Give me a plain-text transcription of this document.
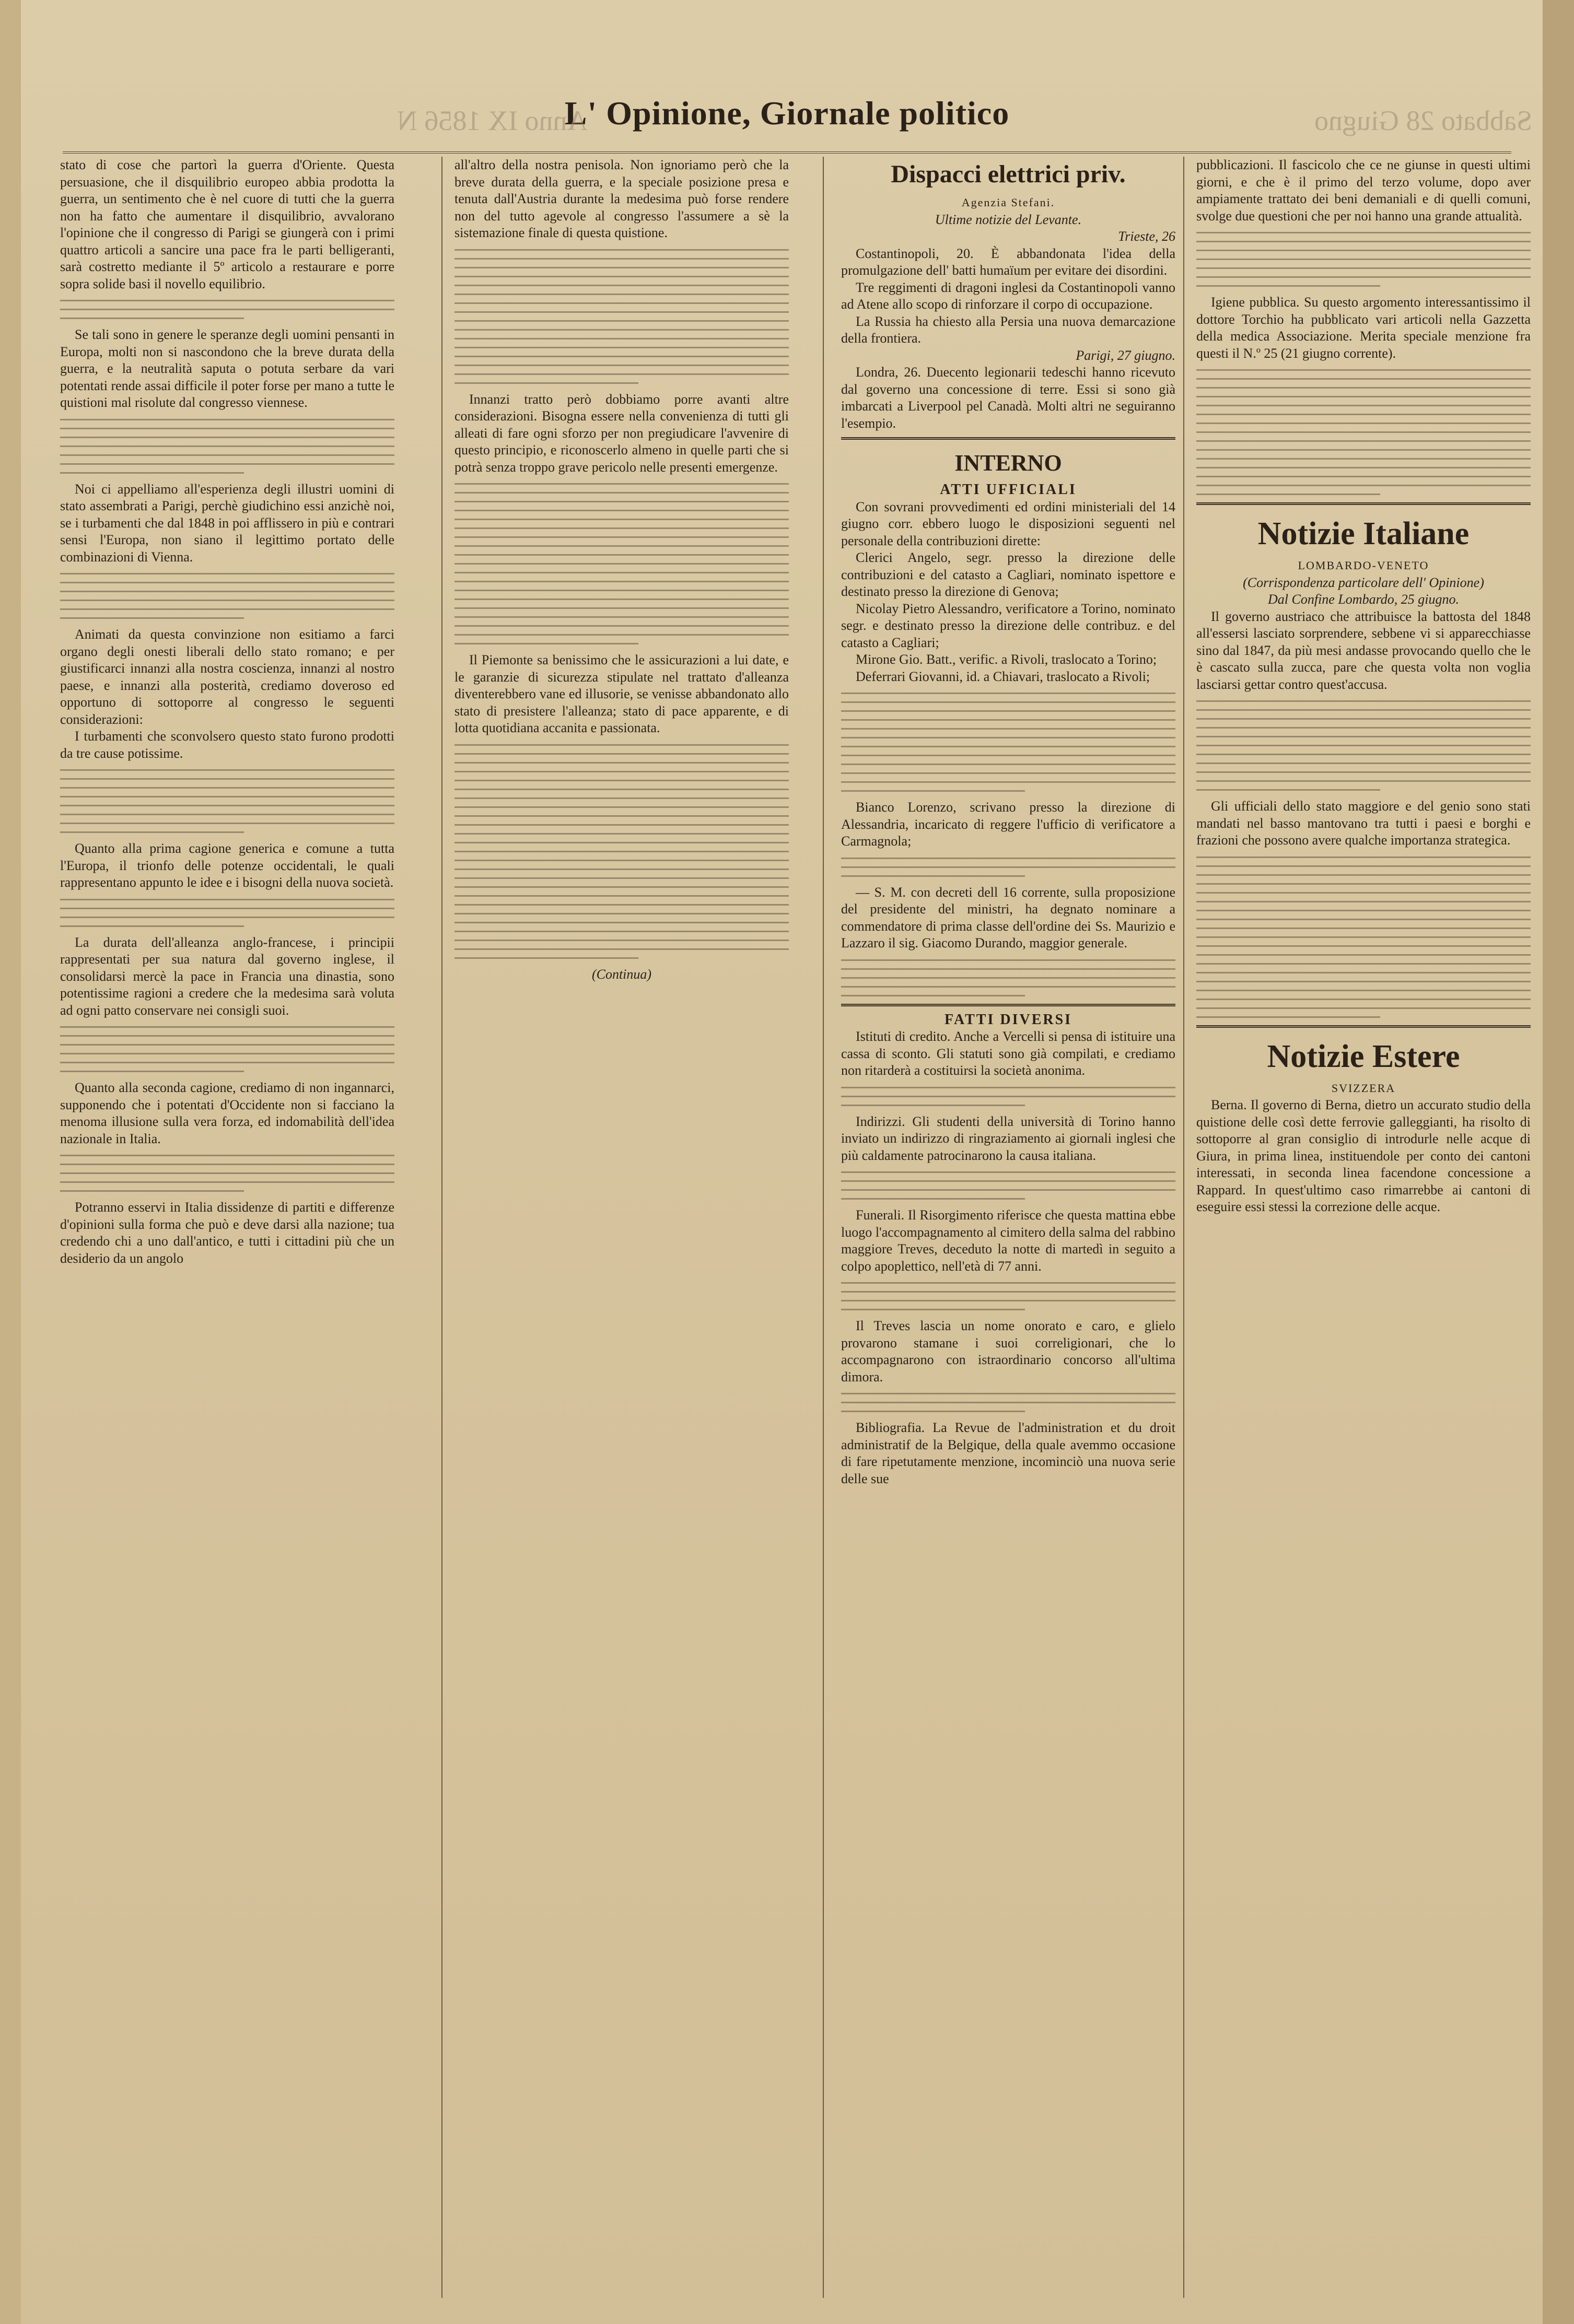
Anno IX 1856 N
L' Opinione, Giornale politico	Sabbato 28 Giugno

stato di cose che partorì la guerra d'Oriente. Questa persuasione, che il disquilibrio europeo abbia prodotta la guerra, un sentimento che è nel cuore di tutti che la guerra non ha fatto che aumentare il disquilibrio, avvalorano l'opinione che il congresso di Parigi se giungerà con i primi quattro articoli a sancire una pace fra le parti belligeranti, sarà costretto mediante il 5º articolo a restaurare e porre sopra solide basi il novello equilibrio.

Se tali sono in genere le speranze degli uomini pensanti in Europa, molti non si nascondono che la breve durata della guerra, e la neutralità saputa o potuta serbare da vari potentati rende assai difficile il poter forse per mano a tutte le quistioni mal risolute dal congresso viennese.

Noi ci appelliamo all'esperienza degli illustri uomini di stato assembrati a Parigi, perchè giudichino essi anzichè noi, se i turbamenti che dal 1848 in poi afflissero in più e contrari sensi l'Europa, non siano il legittimo portato delle combinazioni di Vienna.

Animati da questa convinzione non esitiamo a farci organo degli onesti liberali dello stato romano; e per giustificarci innanzi alla nostra coscienza, innanzi al nostro paese, e innanzi alla posterità, crediamo doveroso ed opportuno di sottoporre al congresso le seguenti considerazioni:

I turbamenti che sconvolsero questo stato furono prodotti da tre cause potissime.

Quanto alla prima cagione generica e comune a tutta l'Europa, il trionfo delle potenze occidentali, le quali rappresentano appunto le idee e i bisogni della nuova società.

La durata dell'alleanza anglo-francese, i principii rappresentati per sua natura dal governo inglese, il consolidarsi mercè la pace in Francia una dinastia, sono potentissime ragioni a credere che la medesima sarà voluta ad ogni patto conservare nei consigli suoi.

Quanto alla seconda cagione, crediamo di non ingannarci, supponendo che i potentati d'Occidente non si facciano la menoma illusione sulla vera forza, ed indomabilità dell'idea nazionale in Italia.

Potranno esservi in Italia dissidenze di partiti e differenze d'opinioni sulla forma che può e deve darsi alla nazione; tua credendo chi a uno dall'antico, e tutti i cittadini più che un desiderio da un angolo

all'altro della nostra penisola. Non ignoriamo però che la breve durata della guerra, e la speciale posizione presa e tenuta dall'Austria durante la medesima può forse rendere non del tutto agevole al congresso l'assumere a sè la sistemazione finale di questa quistione.

Innanzi tratto però dobbiamo porre avanti altre considerazioni. Bisogna essere nella convenienza di tutti gli alleati di fare ogni sforzo per non pregiudicare l'avvenire di questo principio, e riconoscerlo almeno in quelle parti che si potrà senza troppo grave pericolo nelle presenti emergenze.

Il Piemonte sa benissimo che le assicurazioni a lui date, e le garanzie di sicurezza stipulate nel trattato d'alleanza diventerebbero vane ed illusorie, se venisse abbandonato allo stato di presistere l'alleanza; stato di pace apparente, e di lotta quotidiana accanita e passionata.

(Continua)
Dispacci elettrici priv.
Agenzia Stefani.
Ultime notizie del Levante.
Trieste, 26

Costantinopoli, 20. È abbandonata l'idea della promulgazione dell' batti humaïum per evitare dei disordini.

Tre reggimenti di dragoni inglesi da Costantinopoli vanno ad Atene allo scopo di rinforzare il corpo di occupazione.

La Russia ha chiesto alla Persia una nuova demarcazione della frontiera.

Parigi, 27 giugno.

Londra, 26. Duecento legionarii tedeschi hanno ricevuto dal governo una concessione di terre. Essi si sono già imbarcati a Liverpool pel Canadà. Molti altri ne seguiranno l'esempio.

INTERNO
ATTI UFFICIALI

Con sovrani provvedimenti ed ordini ministeriali del 14 giugno corr. ebbero luogo le disposizioni seguenti nel personale della contribuzioni dirette:

Clerici Angelo, segr. presso la direzione delle contribuzioni e del catasto a Cagliari, nominato ispettore e destinato presso la direzione di Genova;

Nicolay Pietro Alessandro, verificatore a Torino, nominato segr. e destinato presso la direzione delle contribuz. e del catasto a Cagliari;

Mirone Gio. Batt., verific. a Rivoli, traslocato a Torino;

Deferrari Giovanni, id. a Chiavari, traslocato a Rivoli;

Bianco Lorenzo, scrivano presso la direzione di Alessandria, incaricato di reggere l'ufficio di verificatore a Carmagnola;

— S. M. con decreti dell 16 corrente, sulla proposizione del presidente del ministri, ha degnato nominare a commendatore di prima classe dell'ordine dei Ss. Maurizio e Lazzaro il sig. Giacomo Durando, maggior generale.

FATTI DIVERSI

Istituti di credito. Anche a Vercelli si pensa di istituire una cassa di sconto. Gli statuti sono già compilati, e crediamo non ritarderà a costituirsi la società anonima.

Indirizzi. Gli studenti della università di Torino hanno inviato un indirizzo di ringraziamento ai giornali inglesi che più caldamente patrocinarono la causa italiana.

Funerali. Il Risorgimento riferisce che questa mattina ebbe luogo l'accompagnamento al cimitero della salma del rabbino maggiore Treves, deceduto la notte di martedì in seguito a colpo apoplettico, nell'età di 77 anni.

Il Treves lascia un nome onorato e caro, e glielo provarono stamane i suoi correligionari, che lo accompagnarono con istraordinario concorso all'ultima dimora.

Bibliografia. La Revue de l'administration et du droit administratif de la Belgique, della quale avemmo occasione di fare ripetutamente menzione, incominciò una nuova serie delle sue

pubblicazioni. Il fascicolo che ce ne giunse in questi ultimi giorni, e che è il primo del terzo volume, dopo aver ampiamente trattato dei beni demaniali e di quelli comuni, svolge due questioni che per noi hanno una grande attualità.

Igiene pubblica. Su questo argomento interessantissimo il dottore Torchio ha pubblicato vari articoli nella Gazzetta della medica Associazione. Merita speciale menzione fra questi il N.º 25 (21 giugno corrente).

Notizie Italiane
LOMBARDO-VENETO
(Corrispondenza particolare dell' Opinione)
Dal Confine Lombardo, 25 giugno.

Il governo austriaco che attribuisce la battosta del 1848 all'essersi lasciato sorprendere, sebbene vi si apparecchiasse sino dal 1847, da più mesi andasse provocando quello che le è cascato sulla zucca, pare che questa volta non voglia lasciarsi gettar contro quest'accusa.

Gli ufficiali dello stato maggiore e del genio sono stati mandati nel basso mantovano tra tutti i paesi e borghi e frazioni che possono avere qualche importanza strategica.

Notizie Estere
SVIZZERA

Berna. Il governo di Berna, dietro un accurato studio della quistione delle così dette ferrovie galleggianti, ha risolto di sottoporre al gran consiglio di introdurle nelle acque di Giura, in prima linea, instituendole per conto dei cantoni interessati, in seconda linea facendone concessione a Rappard. In quest'ultimo caso rimarrebbe ai cantoni di eseguire essi stessi la correzione delle acque.
